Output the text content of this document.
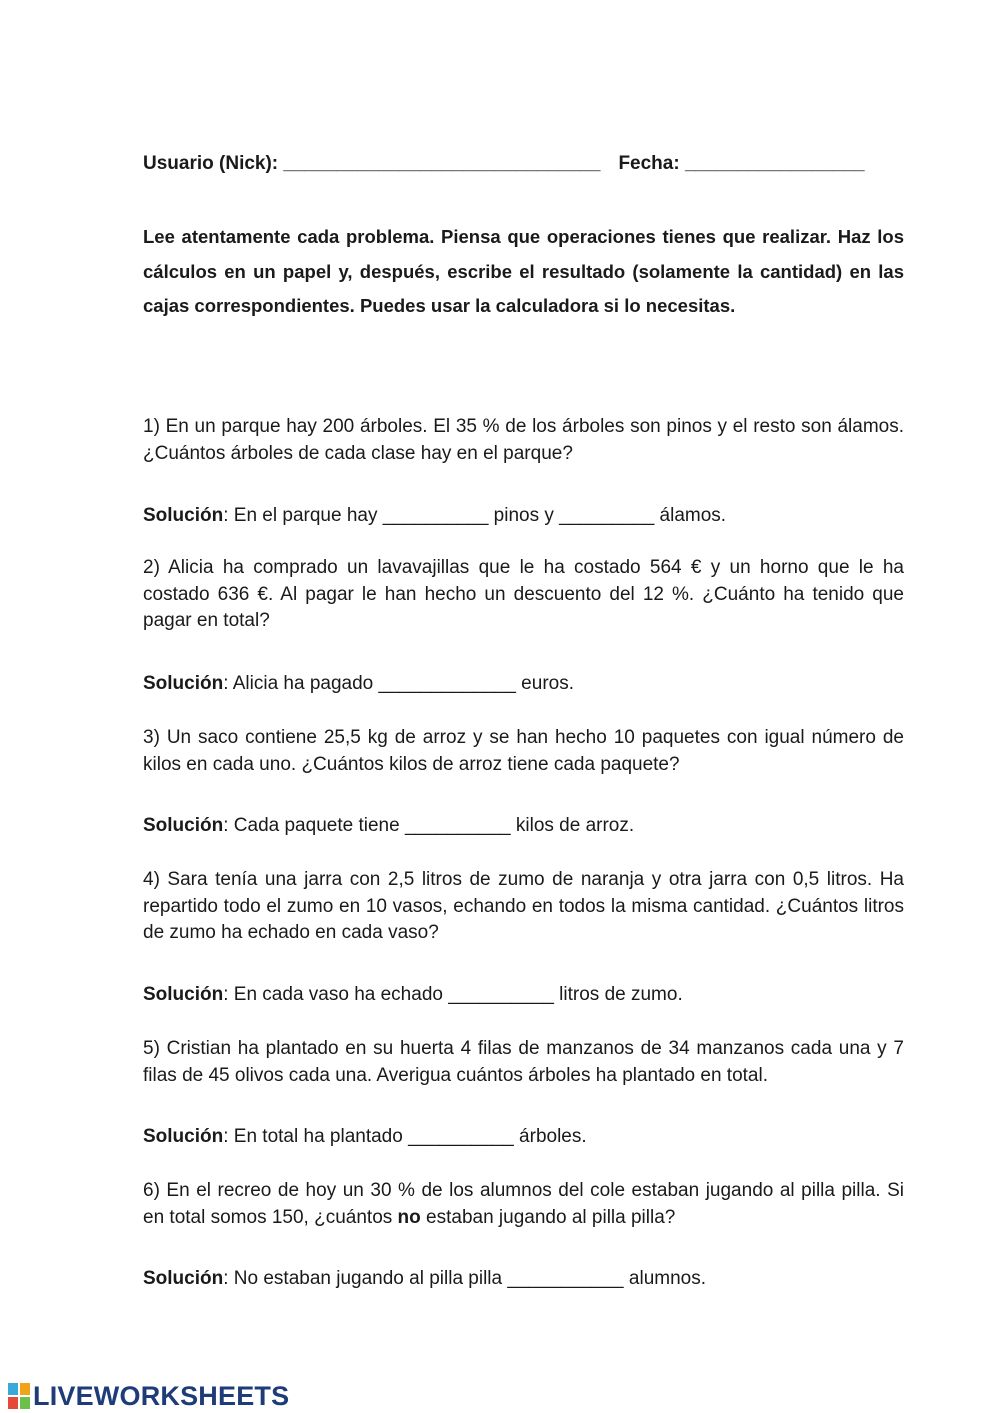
Usuario (Nick): ______________________________ Fecha: _________________
Lee atentamente cada problema. Piensa que operaciones tienes que realizar. Haz los cálculos en un papel y, después, escribe el resultado (solamente la cantidad) en las cajas correspondientes. Puedes usar la calculadora si lo necesitas.
1) En un parque hay 200 árboles. El 35 % de los árboles son pinos y el resto son álamos. ¿Cuántos árboles de cada clase hay en el parque?
Solución: En el parque hay __________ pinos y _________ álamos.
2) Alicia ha comprado un lavavajillas que le ha costado 564 € y un horno que le ha costado 636 €. Al pagar le han hecho un descuento del 12 %. ¿Cuánto ha tenido que pagar en total?
Solución: Alicia ha pagado _____________ euros.
3) Un saco contiene 25,5 kg de arroz y se han hecho 10 paquetes con igual número de kilos en cada uno. ¿Cuántos kilos de arroz tiene cada paquete?
Solución: Cada paquete tiene __________ kilos de arroz.
4) Sara tenía una jarra con 2,5 litros de zumo de naranja y otra jarra con 0,5 litros. Ha repartido todo el zumo en 10 vasos, echando en todos la misma cantidad. ¿Cuántos litros de zumo ha echado en cada vaso?
Solución: En cada vaso ha echado __________ litros de zumo.
5) Cristian ha plantado en su huerta 4 filas de manzanos de 34 manzanos cada una y 7 filas de 45 olivos cada una. Averigua cuántos árboles ha plantado en total.
Solución: En total ha plantado __________ árboles.
6) En el recreo de hoy un 30 % de los alumnos del cole estaban jugando al pilla pilla. Si en total somos 150, ¿cuántos no estaban jugando al pilla pilla?
Solución: No estaban jugando al pilla pilla ___________ alumnos.
LIVEWORKSHEETS
